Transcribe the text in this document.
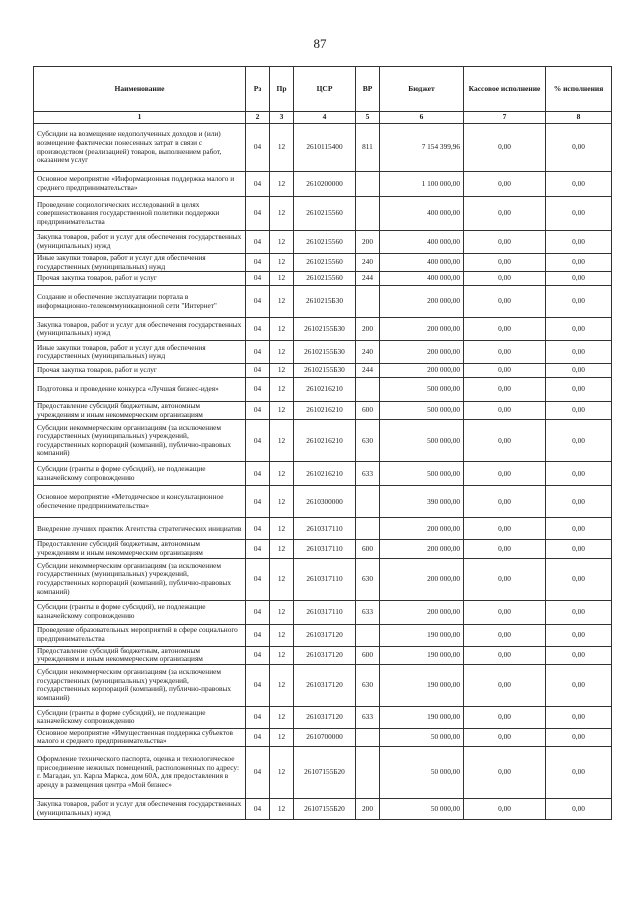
87
Наименование	Рз	Пр	ЦСР	ВР	Бюджет	Кассовое исполнение	% исполнения
1	2	3	4	5	6	7	8
Субсидии на возмещение недополученных доходов и (или) возмещение фактически понесенных затрат в связи с производством (реализацией) товаров, выполнением работ, оказанием услуг	04	12	2610115400	811	7 154 399,96	0,00	0,00
Основное мероприятие «Информационная поддержка малого и среднего предпринимательства»	04	12	2610200000		1 100 000,00	0,00	0,00
Проведение социологических исследований в целях совершенствования государственной политики поддержки предпринимательства	04	12	2610215560		400 000,00	0,00	0,00
Закупка товаров, работ и услуг для обеспечения государственных (муниципальных) нужд	04	12	2610215560	200	400 000,00	0,00	0,00
Иные закупки товаров, работ и услуг для обеспечения государственных (муниципальных) нужд	04	12	2610215560	240	400 000,00	0,00	0,00
Прочая закупка товаров, работ и услуг	04	12	2610215560	244	400 000,00	0,00	0,00
Создание и обеспечение эксплуатации портала в информационно-телекоммуникационной сети "Интернет"	04	12	2610215Б30		200 000,00	0,00	0,00
Закупка товаров, работ и услуг для обеспечения государственных (муниципальных) нужд	04	12	26102155Б30	200	200 000,00	0,00	0,00
Иные закупки товаров, работ и услуг для обеспечения государственных (муниципальных) нужд	04	12	26102155Б30	240	200 000,00	0,00	0,00
Прочая закупка товаров, работ и услуг	04	12	26102155Б30	244	200 000,00	0,00	0,00
Подготовка и проведение конкурса «Лучшая бизнес-идея»	04	12	2610216210		500 000,00	0,00	0,00
Предоставление субсидий бюджетным, автономным учреждениям и иным некоммерческим организациям	04	12	2610216210	600	500 000,00	0,00	0,00
Субсидии некоммерческим организациям (за исключением государственных (муниципальных) учреждений, государственных корпораций (компаний), публично-правовых компаний)	04	12	2610216210	630	500 000,00	0,00	0,00
Субсидии (гранты в форме субсидий), не подлежащие казначейскому сопровождению	04	12	2610216210	633	500 000,00	0,00	0,00
Основное мероприятие «Методическое и консультационное обеспечение предпринимательства»	04	12	2610300000		390 000,00	0,00	0,00
Внедрение лучших практик Агентства стратегических инициатив	04	12	2610317110		200 000,00	0,00	0,00
Предоставление субсидий бюджетным, автономным учреждениям и иным некоммерческим организациям	04	12	2610317110	600	200 000,00	0,00	0,00
Субсидии некоммерческим организациям (за исключением государственных (муниципальных) учреждений, государственных корпораций (компаний), публично-правовых компаний)	04	12	2610317110	630	200 000,00	0,00	0,00
Субсидии (гранты в форме субсидий), не подлежащие казначейскому сопровождению	04	12	2610317110	633	200 000,00	0,00	0,00
Проведение образовательных мероприятий в сфере социального предпринимательства	04	12	2610317120		190 000,00	0,00	0,00
Предоставление субсидий бюджетным, автономным учреждениям и иным некоммерческим организациям	04	12	2610317120	600	190 000,00	0,00	0,00
Субсидии некоммерческим организациям (за исключением государственных (муниципальных) учреждений, государственных корпораций (компаний), публично-правовых компаний)	04	12	2610317120	630	190 000,00	0,00	0,00
Субсидии (гранты в форме субсидий), не подлежащие казначейскому сопровождению	04	12	2610317120	633	190 000,00	0,00	0,00
Основное мероприятие «Имущественная поддержка субъектов малого и среднего предпринимательства»	04	12	2610700000		50 000,00	0,00	0,00
Оформление технического паспорта, оценка и технологическое присоединение нежилых помещений, расположенных по адресу: г. Магадан, ул. Карла Маркса, дом 60А, для предоставления в аренду в размещения центра «Мой бизнес»	04	12	26107155Б20		50 000,00	0,00	0,00
Закупка товаров, работ и услуг для обеспечения государственных (муниципальных) нужд	04	12	26107155Б20	200	50 000,00	0,00	0,00
